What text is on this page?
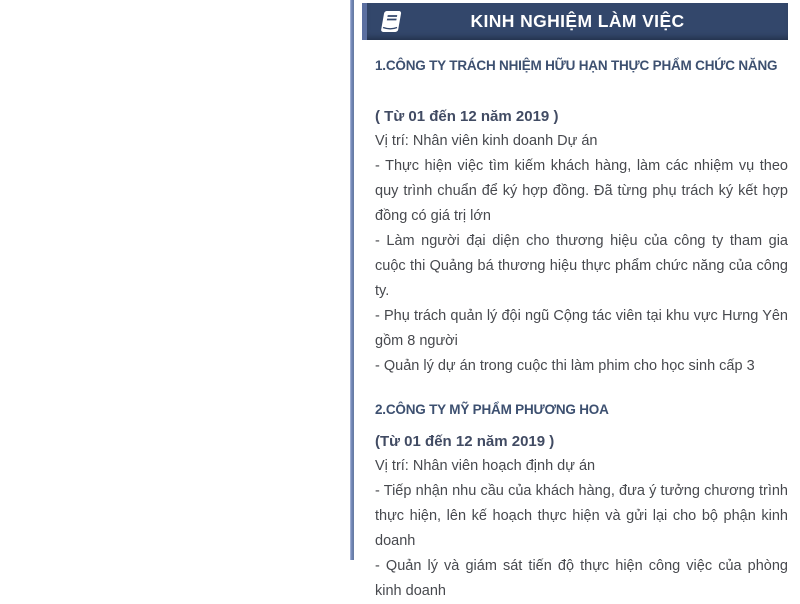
KINH NGHIỆM LÀM VIỆC
1.CÔNG TY TRÁCH NHIỆM HỮU HẠN THỰC PHẨM CHỨC NĂNG

( Từ 01 đến 12 năm 2019 )

Vị trí: Nhân viên kinh doanh Dự án

- Thực hiện việc tìm kiếm khách hàng, làm các nhiệm vụ theo quy trình chuẩn để ký hợp đồng. Đã từng phụ trách ký kết hợp đồng có giá trị lớn

- Làm người đại diện cho thương hiệu của công ty tham gia cuộc thi Quảng bá thương hiệu thực phẩm chức năng của công ty.

- Phụ trách quản lý đội ngũ Cộng tác viên tại khu vực Hưng Yên gồm 8 người

- Quản lý dự án trong cuộc thi làm phim cho học sinh cấp 3

2.CÔNG TY MỸ PHẨM PHƯƠNG HOA

(Từ 01 đến 12 năm 2019 )

Vị trí: Nhân viên hoạch định dự án

- Tiếp nhận nhu cầu của khách hàng, đưa ý tưởng chương trình thực hiện, lên kế hoạch thực hiện và gửi lại cho bộ phận kinh doanh

- Quản lý và giám sát tiến độ thực hiện công việc của phòng kinh doanh
